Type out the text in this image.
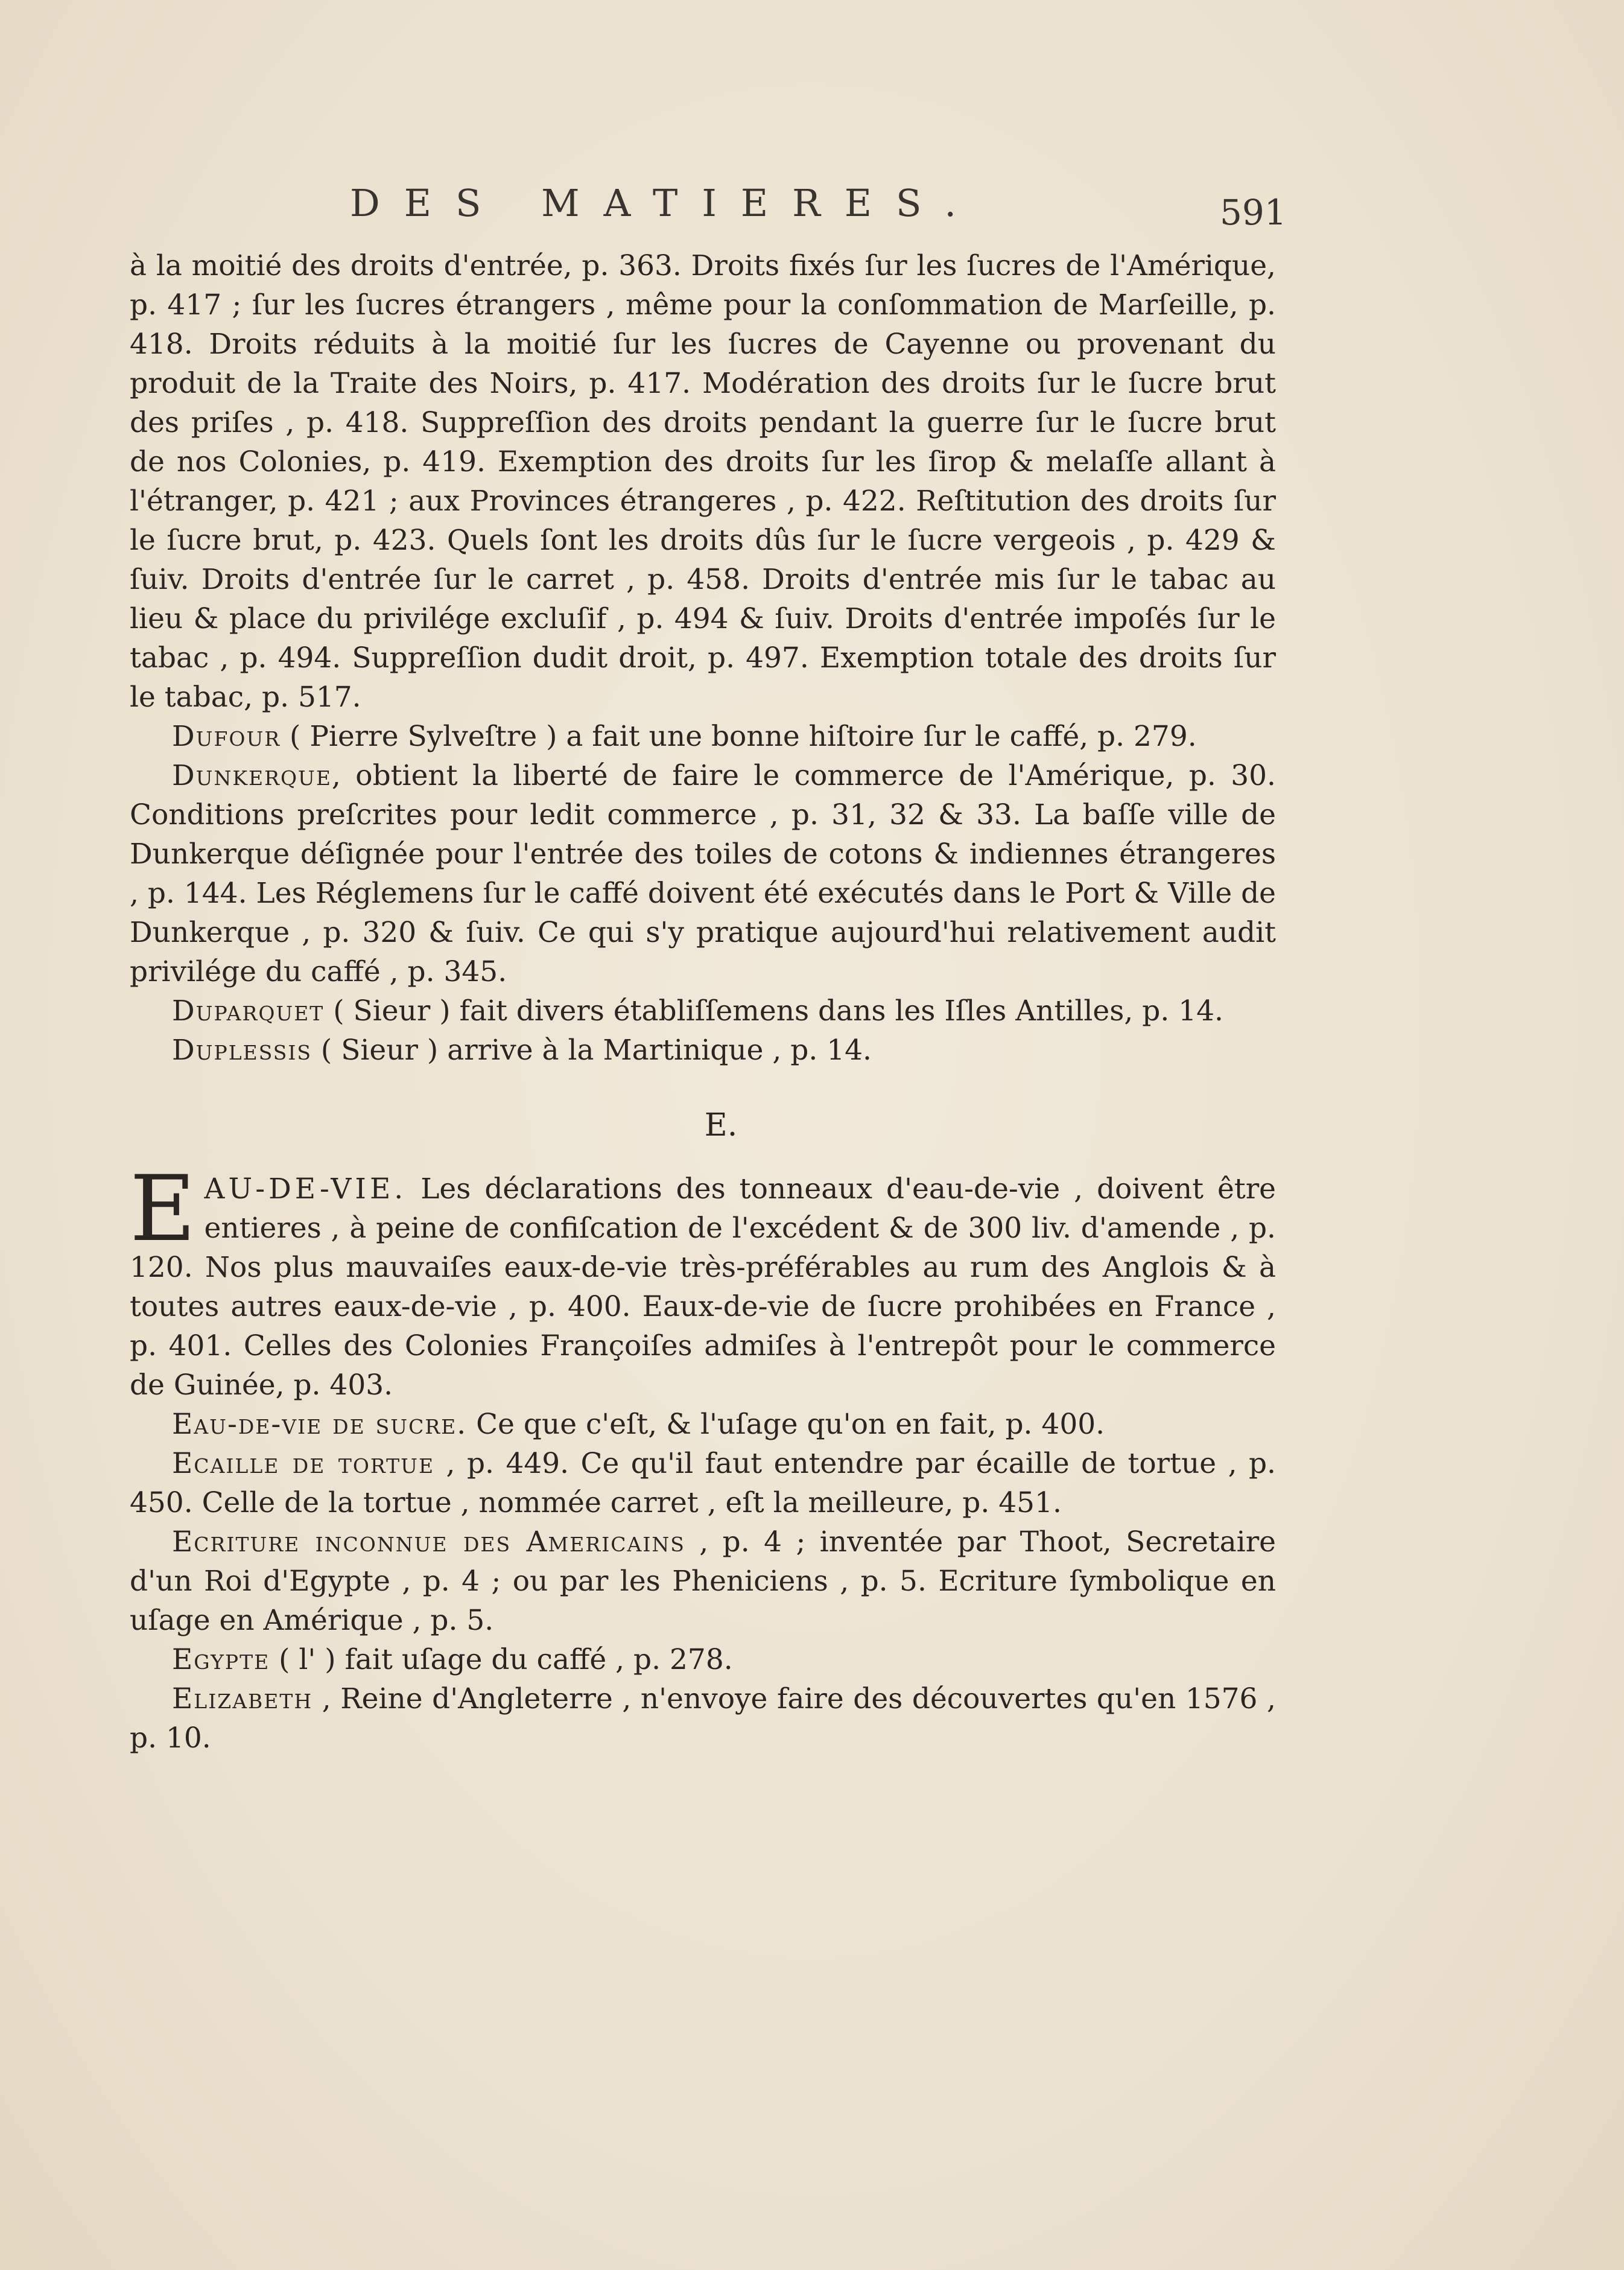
DES MATIERES.	591

à la moitié des droits d'entrée, p. 363. Droits fixés ſur les ſucres de l'Amérique, p. 417 ; ſur les ſucres étrangers , même pour la conſommation de Marſeille, p. 418. Droits réduits à la moitié ſur les ſucres de Cayenne ou provenant du produit de la Traite des Noirs, p. 417. Modération des droits ſur le ſucre brut des priſes , p. 418. Suppreſſion des droits pendant la guerre ſur le ſucre brut de nos Colonies, p. 419. Exemption des droits ſur les ſirop & melaſſe allant à l'étranger, p. 421 ; aux Provinces étrangeres , p. 422. Reſtitution des droits ſur le ſucre brut, p. 423. Quels ſont les droits dûs ſur le ſucre vergeois , p. 429 & ſuiv. Droits d'entrée ſur le carret , p. 458. Droits d'entrée mis ſur le tabac au lieu & place du privilége excluſif , p. 494 & ſuiv. Droits d'entrée impoſés ſur le tabac , p. 494. Suppreſſion dudit droit, p. 497. Exemption totale des droits ſur le tabac, p. 517.

Dufour ( Pierre Sylveſtre ) a fait une bonne hiſtoire ſur le caffé, p. 279.

Dunkerque, obtient la liberté de faire le commerce de l'Amérique, p. 30. Conditions preſcrites pour ledit commerce , p. 31, 32 & 33. La baſſe ville de Dunkerque déſignée pour l'entrée des toiles de cotons & indiennes étrangeres , p. 144. Les Réglemens ſur le caffé doivent été exécutés dans le Port & Ville de Dunkerque , p. 320 & ſuiv. Ce qui s'y pratique aujourd'hui relativement audit privilége du caffé , p. 345.

Duparquet ( Sieur ) fait divers établiſſemens dans les Iſles Antilles, p. 14.

Duplessis ( Sieur ) arrive à la Martinique , p. 14.

E.

EAU-DE-VIE. Les déclarations des tonneaux d'eau-de-vie , doivent être entieres , à peine de confiſcation de l'excédent & de 300 liv. d'amende , p. 120. Nos plus mauvaiſes eaux-de-vie très-préférables au rum des Anglois & à toutes autres eaux-de-vie , p. 400. Eaux-de-vie de ſucre prohibées en France , p. 401. Celles des Colonies Françoiſes admiſes à l'entrepôt pour le commerce de Guinée, p. 403.

Eau-de-vie de sucre. Ce que c'eſt, & l'uſage qu'on en fait, p. 400.

Ecaille de tortue , p. 449. Ce qu'il faut entendre par écaille de tortue , p. 450. Celle de la tortue , nommée carret , eſt la meilleure, p. 451.

Ecriture inconnue des Americains , p. 4 ; inventée par Thoot, Secretaire d'un Roi d'Egypte , p. 4 ; ou par les Pheniciens , p. 5. Ecriture ſymbolique en uſage en Amérique , p. 5.

Egypte ( l' ) fait uſage du caffé , p. 278.

Elizabeth , Reine d'Angleterre , n'envoye faire des découvertes qu'en 1576 , p. 10.
